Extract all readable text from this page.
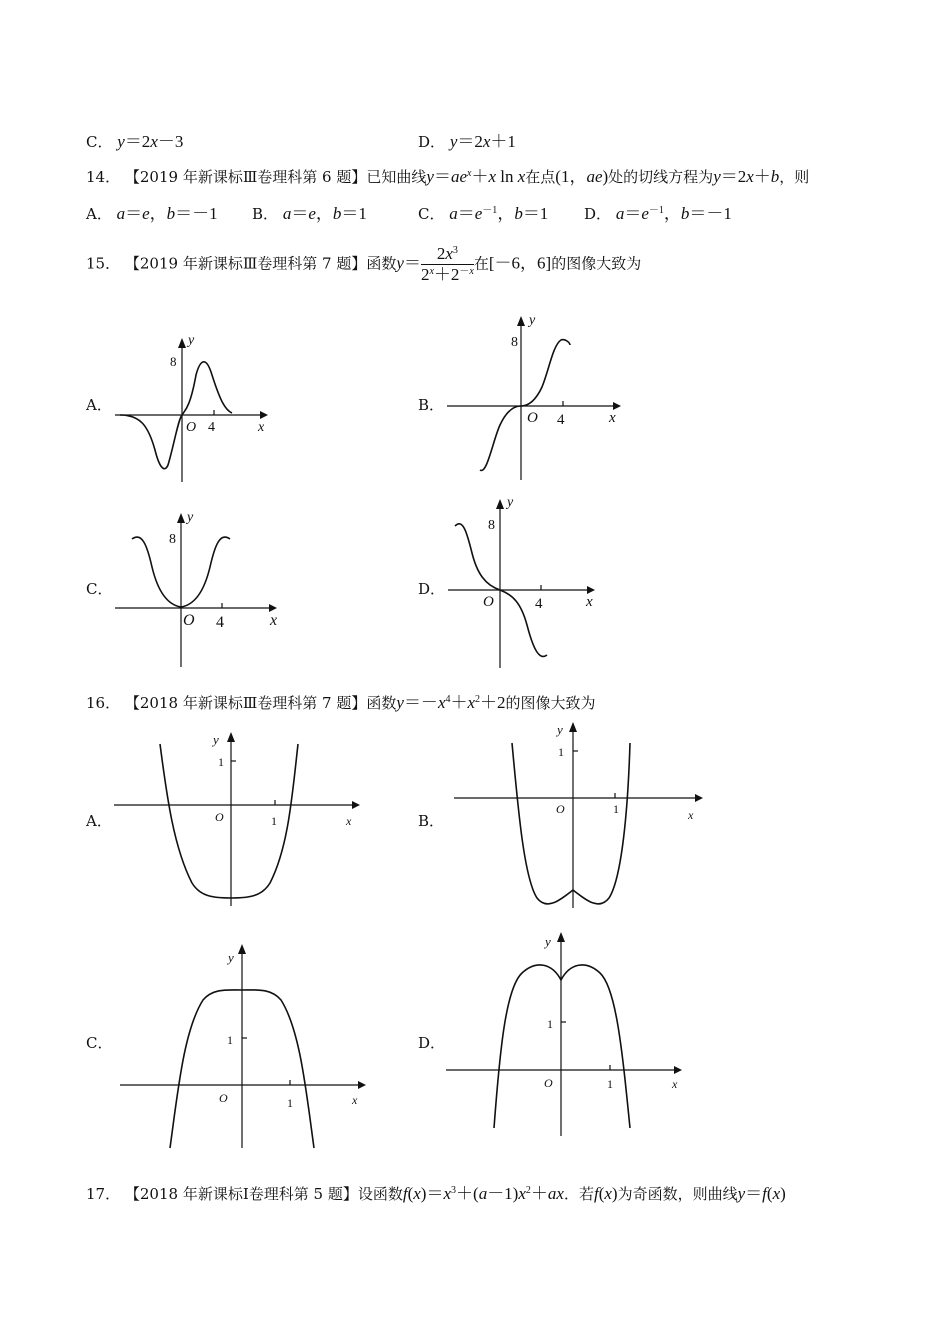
C． y＝2x－3	D． y＝2x＋1
14． 【2019 年新课标Ⅲ卷理科第 6 题】已知曲线$y=ae^x+x$ ln x在点(1，ae)处的切线方程为y＝2x＋b，则
A． a＝e，b＝－1 B． a＝e，b＝1	C． $a=e^{-1}$，b＝1 D． $a=e^{-1}$，b＝－1
15． 【2019 年新课标Ⅲ卷理科第 7 题】函数$y= \frac{2x^3}{2^x+2^{-x}}$ 在[－6，6]的图像大致为
A．
y
8
O 4	x
B．
y
8
O 4	x
C．
y
8
O 4	x
D．
y
8
O	4	x
16． 【2018 年新课标Ⅲ卷理科第 7 题】函数$y=-x^4+x^2+2$的图像大致为
A．
y
1
O	1	x	B．
y
1
O	1	x
C．
y
1
O	1	x
D．
y
1
O	1	x
17． 【2018 年新课标Ⅰ卷理科第 5 题】设函数$f(x)=x^3+(a-1)x^2+ax$．若f(x)为奇函数，则曲线y＝f(x)
